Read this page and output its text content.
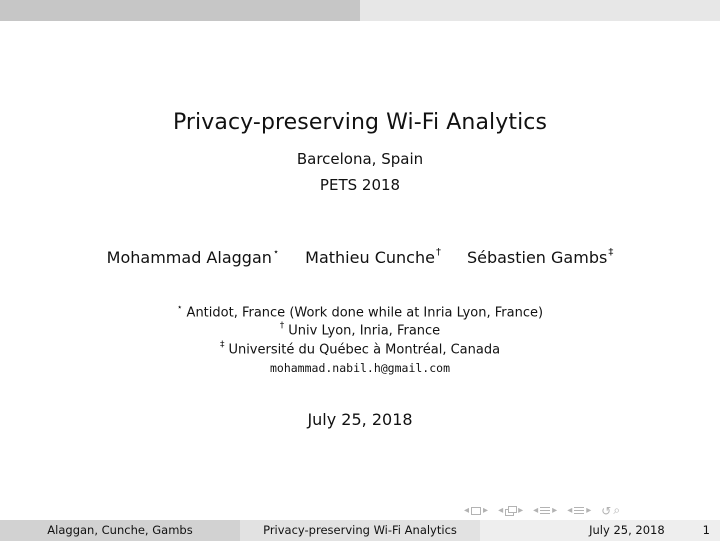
Privacy-preserving Wi-Fi Analytics
Barcelona, Spain
PETS 2018
Mohammad Alaggan⋆ Mathieu Cunche† Sébastien Gambs‡
⋆ Antidot, France (Work done while at Inria Lyon, France)
† Univ Lyon, Inria, France
‡ Université du Québec à Montréal, Canada
mohammad.nabil.h@gmail.com
July 25, 2018
◂ ▸ ◂ ▸ ◂ ▸ ◂ ▸ ↺ ⌕
Alaggan, Cunche, Gambs	Privacy-preserving Wi-Fi Analytics	July 25, 2018	1
